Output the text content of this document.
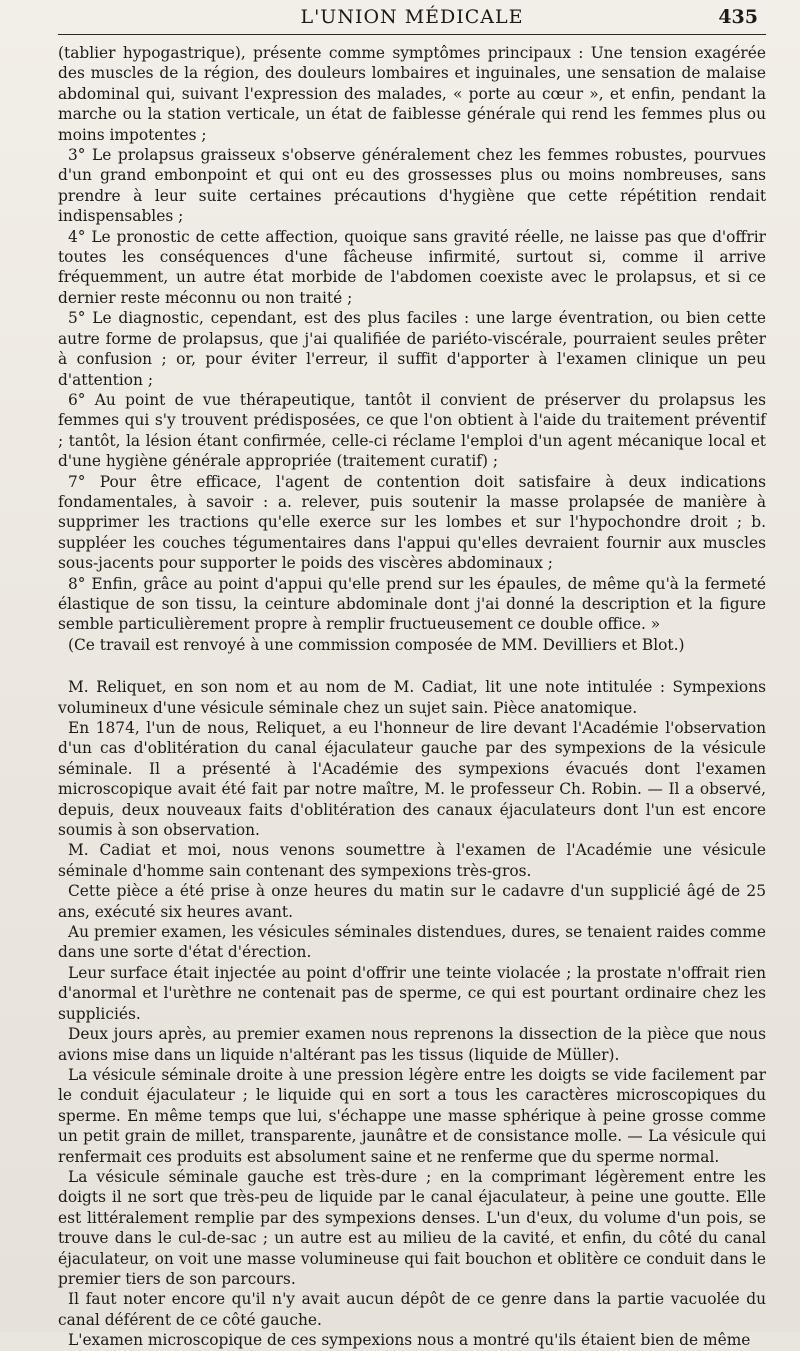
L'UNION MÉDICALE	435

(tablier hypogastrique), présente comme symptômes principaux : Une tension exagérée des muscles de la région, des douleurs lombaires et inguinales, une sensation de malaise abdominal qui, suivant l'expression des malades, « porte au cœur », et enfin, pendant la marche ou la station verticale, un état de faiblesse générale qui rend les femmes plus ou moins impotentes ;

3° Le prolapsus graisseux s'observe généralement chez les femmes robustes, pourvues d'un grand embonpoint et qui ont eu des grossesses plus ou moins nombreuses, sans prendre à leur suite certaines précautions d'hygiène que cette répétition rendait indispensables ;

4° Le pronostic de cette affection, quoique sans gravité réelle, ne laisse pas que d'offrir toutes les conséquences d'une fâcheuse infirmité, surtout si, comme il arrive fréquemment, un autre état morbide de l'abdomen coexiste avec le prolapsus, et si ce dernier reste méconnu ou non traité ;

5° Le diagnostic, cependant, est des plus faciles : une large éventration, ou bien cette autre forme de prolapsus, que j'ai qualifiée de pariéto-viscérale, pourraient seules prêter à confusion ; or, pour éviter l'erreur, il suffit d'apporter à l'examen clinique un peu d'attention ;

6° Au point de vue thérapeutique, tantôt il convient de préserver du prolapsus les femmes qui s'y trouvent prédisposées, ce que l'on obtient à l'aide du traitement préventif ; tantôt, la lésion étant confirmée, celle-ci réclame l'emploi d'un agent mécanique local et d'une hygiène générale appropriée (traitement curatif) ;

7° Pour être efficace, l'agent de contention doit satisfaire à deux indications fondamentales, à savoir : a. relever, puis soutenir la masse prolapsée de manière à supprimer les tractions qu'elle exerce sur les lombes et sur l'hypochondre droit ; b. suppléer les couches tégumentaires dans l'appui qu'elles devraient fournir aux muscles sous-jacents pour supporter le poids des viscères abdominaux ;

8° Enfin, grâce au point d'appui qu'elle prend sur les épaules, de même qu'à la fermeté élastique de son tissu, la ceinture abdominale dont j'ai donné la description et la figure semble particulièrement propre à remplir fructueusement ce double office. »

(Ce travail est renvoyé à une commission composée de MM. Devilliers et Blot.)

M. Reliquet, en son nom et au nom de M. Cadiat, lit une note intitulée : Sympexions volumineux d'une vésicule séminale chez un sujet sain. Pièce anatomique.

En 1874, l'un de nous, Reliquet, a eu l'honneur de lire devant l'Académie l'observation d'un cas d'oblitération du canal éjaculateur gauche par des sympexions de la vésicule séminale. Il a présenté à l'Académie des sympexions évacués dont l'examen microscopique avait été fait par notre maître, M. le professeur Ch. Robin. — Il a observé, depuis, deux nouveaux faits d'oblitération des canaux éjaculateurs dont l'un est encore soumis à son observation.

M. Cadiat et moi, nous venons soumettre à l'examen de l'Académie une vésicule séminale d'homme sain contenant des sympexions très-gros.

Cette pièce a été prise à onze heures du matin sur le cadavre d'un supplicié âgé de 25 ans, exécuté six heures avant.

Au premier examen, les vésicules séminales distendues, dures, se tenaient raides comme dans une sorte d'état d'érection.

Leur surface était injectée au point d'offrir une teinte violacée ; la prostate n'offrait rien d'anormal et l'urèthre ne contenait pas de sperme, ce qui est pourtant ordinaire chez les suppliciés.

Deux jours après, au premier examen nous reprenons la dissection de la pièce que nous avions mise dans un liquide n'altérant pas les tissus (liquide de Müller).

La vésicule séminale droite à une pression légère entre les doigts se vide facilement par le conduit éjaculateur ; le liquide qui en sort a tous les caractères microscopiques du sperme. En même temps que lui, s'échappe une masse sphérique à peine grosse comme un petit grain de millet, transparente, jaunâtre et de consistance molle. — La vésicule qui renfermait ces produits est absolument saine et ne renferme que du sperme normal.

La vésicule séminale gauche est très-dure ; en la comprimant légèrement entre les doigts il ne sort que très-peu de liquide par le canal éjaculateur, à peine une goutte. Elle est littéralement remplie par des sympexions denses. L'un d'eux, du volume d'un pois, se trouve dans le cul-de-sac ; un autre est au milieu de la cavité, et enfin, du côté du canal éjaculateur, on voit une masse volumineuse qui fait bouchon et oblitère ce conduit dans le premier tiers de son parcours.

Il faut noter encore qu'il n'y avait aucun dépôt de ce genre dans la partie vacuolée du canal déférent de ce côté gauche.

L'examen microscopique de ces sympexions nous a montré qu'ils étaient bien de même
